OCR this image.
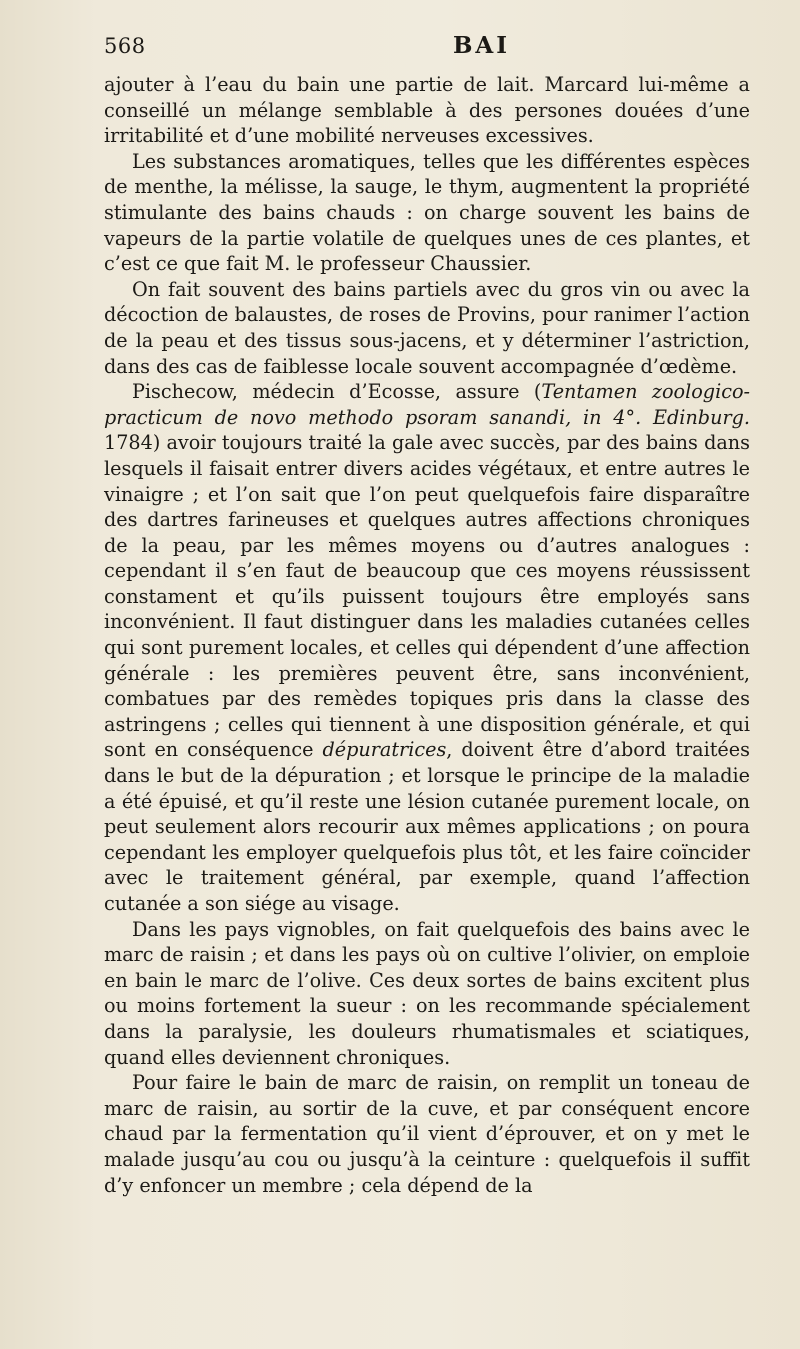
568	BAI

ajouter à l’eau du bain une partie de lait. Marcard lui-même a conseillé un mélange semblable à des persones douées d’une irritabilité et d’une mobilité nerveuses excessives.

Les substances aromatiques, telles que les différentes espèces de menthe, la mélisse, la sauge, le thym, augmentent la propriété stimulante des bains chauds : on charge souvent les bains de vapeurs de la partie volatile de quelques unes de ces plantes, et c’est ce que fait M. le professeur Chaussier.

On fait souvent des bains partiels avec du gros vin ou avec la décoction de balaustes, de roses de Provins, pour ranimer l’action de la peau et des tissus sous-jacens, et y déterminer l’astriction, dans des cas de faiblesse locale souvent accompagnée d’œdème.

Pischecow, médecin d’Ecosse, assure (Tentamen zoologico-practicum de novo methodo psoram sanandi, in 4°. Edinburg. 1784) avoir toujours traité la gale avec succès, par des bains dans lesquels il faisait entrer divers acides végétaux, et entre autres le vinaigre ; et l’on sait que l’on peut quelquefois faire disparaître des dartres farineuses et quelques autres affections chroniques de la peau, par les mêmes moyens ou d’autres analogues : cependant il s’en faut de beaucoup que ces moyens réussissent constament et qu’ils puissent toujours être employés sans inconvénient. Il faut distinguer dans les maladies cutanées celles qui sont purement locales, et celles qui dépendent d’une affection générale : les premières peuvent être, sans inconvénient, combatues par des remèdes topiques pris dans la classe des astringens ; celles qui tiennent à une disposition générale, et qui sont en conséquence dépuratrices, doivent être d’abord traitées dans le but de la dépuration ; et lorsque le principe de la maladie a été épuisé, et qu’il reste une lésion cutanée purement locale, on peut seulement alors recourir aux mêmes applications ; on poura cependant les employer quelquefois plus tôt, et les faire coïncider avec le traitement général, par exemple, quand l’affection cutanée a son siége au visage.

Dans les pays vignobles, on fait quelquefois des bains avec le marc de raisin ; et dans les pays où on cultive l’olivier, on emploie en bain le marc de l’olive. Ces deux sortes de bains excitent plus ou moins fortement la sueur : on les recommande spécialement dans la paralysie, les douleurs rhumatismales et sciatiques, quand elles deviennent chroniques.

Pour faire le bain de marc de raisin, on remplit un toneau de marc de raisin, au sortir de la cuve, et par conséquent encore chaud par la fermentation qu’il vient d’éprouver, et on y met le malade jusqu’au cou ou jusqu’à la ceinture : quelquefois il suffit d’y enfoncer un membre ; cela dépend de la
